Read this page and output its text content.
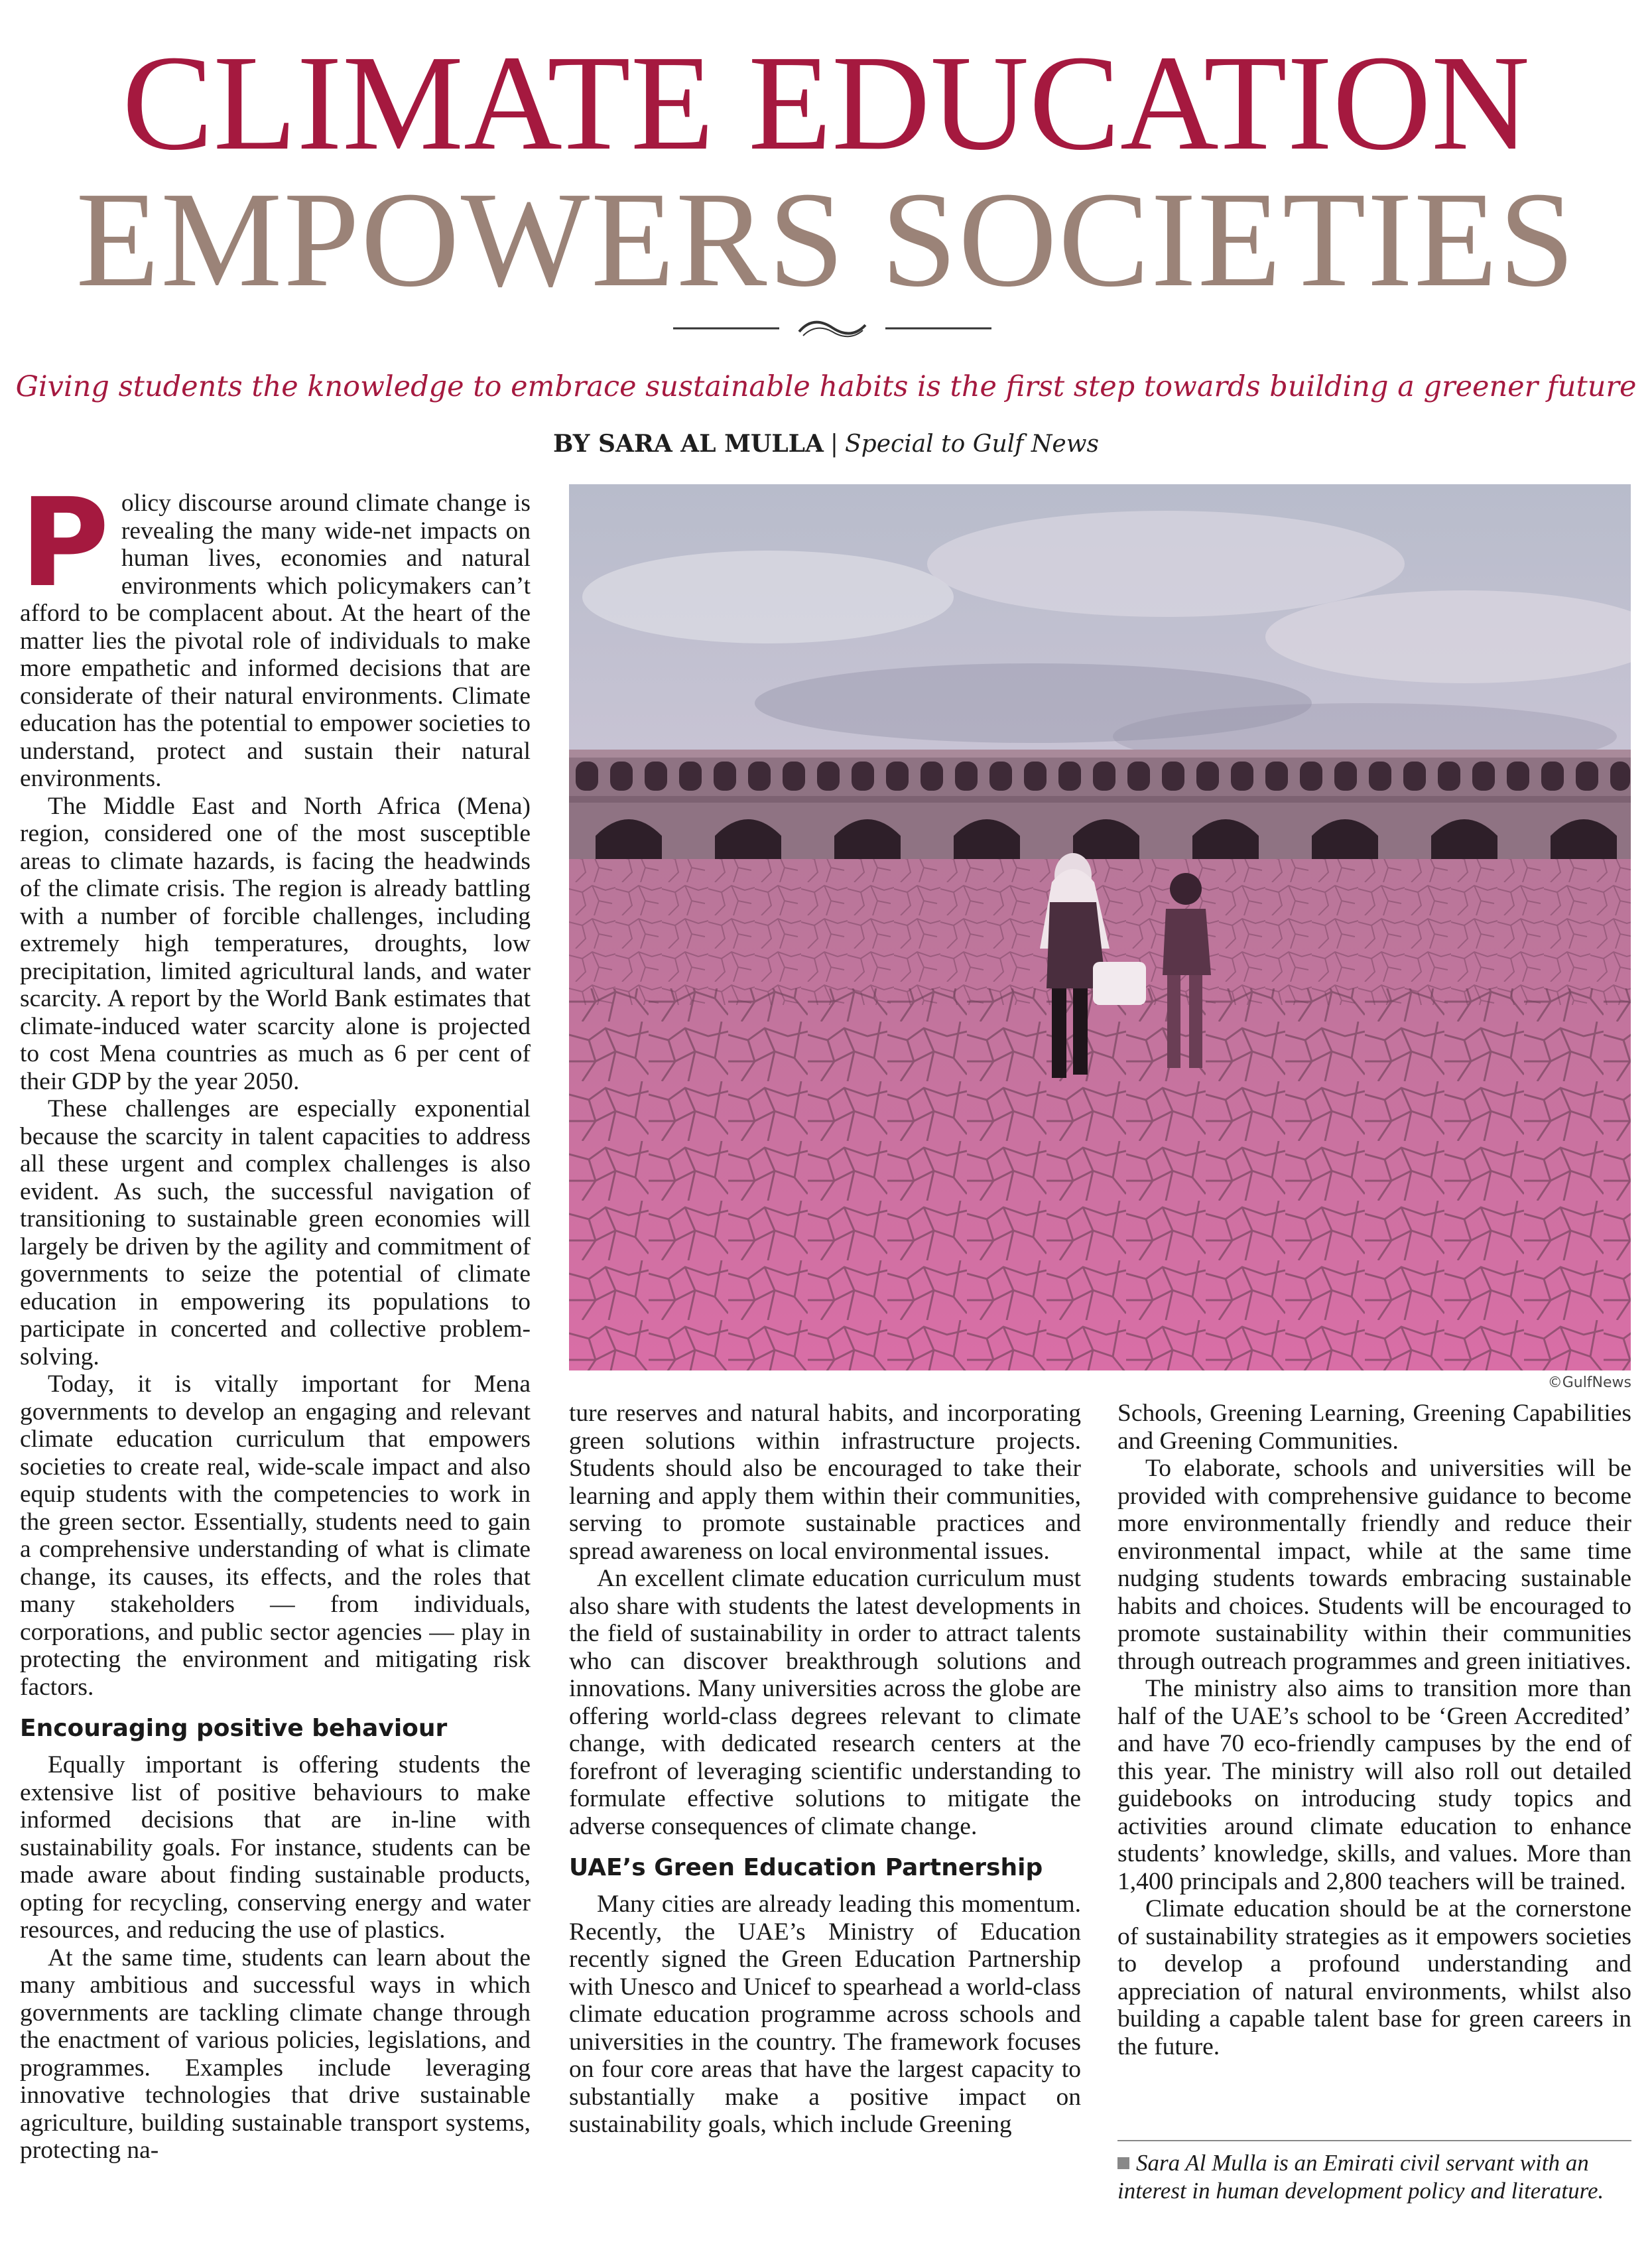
CLIMATE EDUCATION
EMPOWERS SOCIETIES
Giving students the knowledge to embrace sustainable habits is the first step towards building a greener future
BY SARA AL MULLA | Special to Gulf News

Policy discourse around climate change is revealing the many wide-net impacts on human lives, economies and natural environments which policymakers can’t afford to be complacent about. At the heart of the matter lies the pivotal role of individuals to make more empathetic and informed decisions that are considerate of their natural environments. Climate education has the potential to empower societies to understand, protect and sustain their natural environments.

The Middle East and North Africa (Mena) region, considered one of the most susceptible areas to climate hazards, is facing the headwinds of the climate crisis. The region is already battling with a number of forcible challenges, including extremely high temperatures, droughts, low precipitation, limited agricultural lands, and water scarcity. A report by the World Bank estimates that climate-induced water scarcity alone is projected to cost Mena countries as much as 6 per cent of their GDP by the year 2050.

These challenges are especially exponential because the scarcity in talent capacities to address all these urgent and complex challenges is also evident. As such, the successful navigation of transitioning to sustainable green economies will largely be driven by the agility and commitment of governments to seize the potential of climate education in empowering its populations to participate in concerted and collective problem-solving.

Today, it is vitally important for Mena governments to develop an engaging and relevant climate education curriculum that empowers societies to create real, wide-scale impact and also equip students with the competencies to work in the green sector. Essentially, students need to gain a comprehensive understanding of what is climate change, its causes, its effects, and the roles that many stakeholders — from individuals, corporations, and public sector agencies — play in protecting the environment and mitigating risk factors.

Encouraging positive behaviour

Equally important is offering students the extensive list of positive behaviours to make informed decisions that are in-line with sustainability goals. For instance, students can be made aware about finding sustainable products, opting for recycling, conserving energy and water resources, and reducing the use of plastics.

At the same time, students can learn about the many ambitious and successful ways in which governments are tackling climate change through the enactment of various policies, legislations, and programmes. Examples include leveraging innovative technologies that drive sustainable agriculture, building sustainable transport systems, protecting na-

©GulfNews

ture reserves and natural habits, and incorporating green solutions within infrastructure projects. Students should also be encouraged to take their learning and apply them within their communities, serving to promote sustainable practices and spread awareness on local environmental issues.

An excellent climate education curriculum must also share with students the latest developments in the field of sustainability in order to attract talents who can discover breakthrough solutions and innovations. Many universities across the globe are offering world-class degrees relevant to climate change, with dedicated research centers at the forefront of leveraging scientific understanding to formulate effective solutions to mitigate the adverse consequences of climate change.

UAE’s Green Education Partnership

Many cities are already leading this momentum. Recently, the UAE’s Ministry of Education recently signed the Green Education Partnership with Unesco and Unicef to spearhead a world-class climate education programme across schools and universities in the country. The framework focuses on four core areas that have the largest capacity to substantially make a positive impact on sustainability goals, which include Greening

Schools, Greening Learning, Greening Capabilities and Greening Communities.

To elaborate, schools and universities will be provided with comprehensive guidance to become more environmentally friendly and reduce their environmental impact, while at the same time nudging students towards embracing sustainable habits and choices. Students will be encouraged to promote sustainability within their communities through outreach programmes and green initiatives.

The ministry also aims to transition more than half of the UAE’s school to be ‘Green Accredited’ and have 70 eco-friendly campuses by the end of this year. The ministry will also roll out detailed guidebooks on introducing study topics and activities around climate education to enhance students’ knowledge, skills, and values. More than 1,400 principals and 2,800 teachers will be trained.

Climate education should be at the cornerstone of sustainability strategies as it empowers societies to develop a profound understanding and appreciation of natural environments, whilst also building a capable talent base for green careers in the future.

Sara Al Mulla is an Emirati civil servant with an interest in human development policy and literature.
